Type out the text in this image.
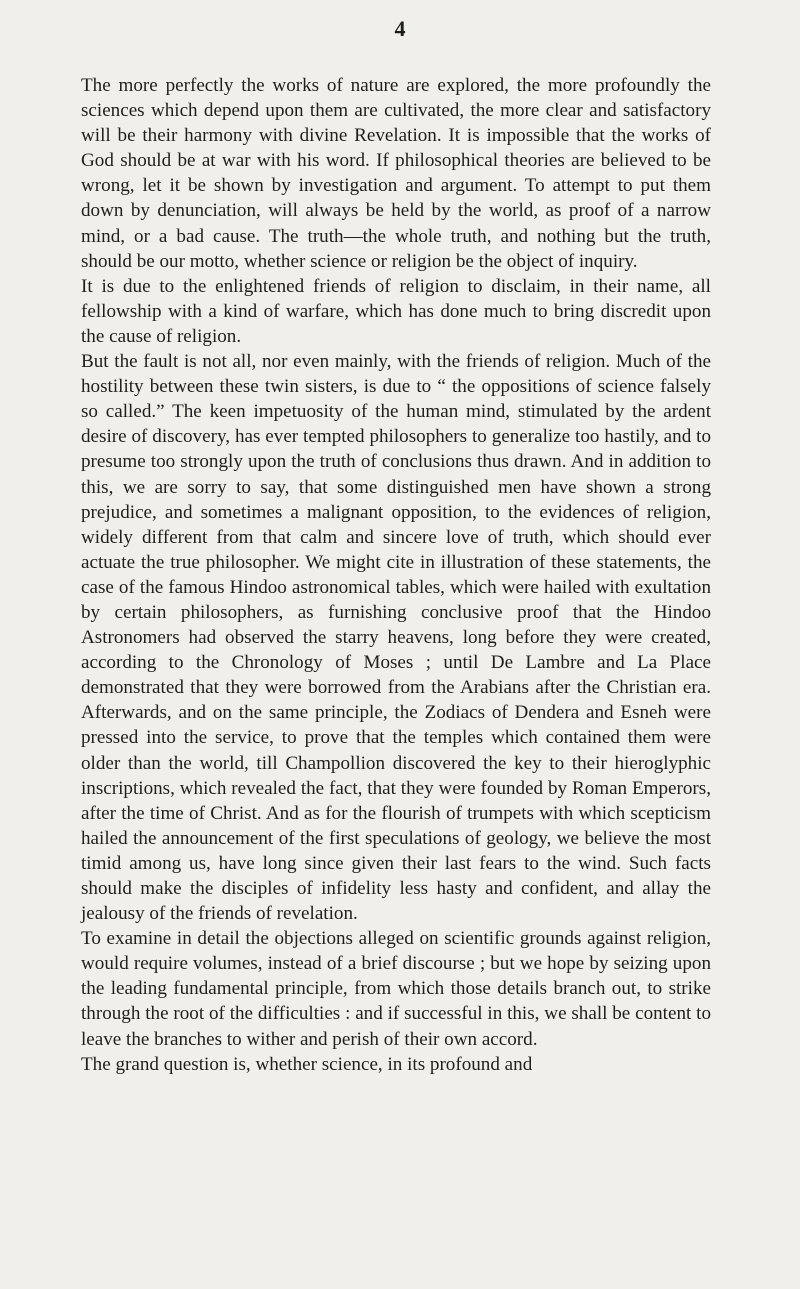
4

The more perfectly the works of nature are explored, the more profoundly the sciences which depend upon them are cultivated, the more clear and satisfactory will be their harmony with divine Revelation. It is impossible that the works of God should be at war with his word. If philosophical theories are believed to be wrong, let it be shown by investigation and argument. To attempt to put them down by denunciation, will always be held by the world, as proof of a narrow mind, or a bad cause. The truth—the whole truth, and nothing but the truth, should be our motto, whether science or religion be the object of inquiry.

It is due to the enlightened friends of religion to disclaim, in their name, all fellowship with a kind of warfare, which has done much to bring discredit upon the cause of religion.

But the fault is not all, nor even mainly, with the friends of religion. Much of the hostility between these twin sisters, is due to “ the oppositions of science falsely so called.” The keen impetuosity of the human mind, stimulated by the ardent desire of discovery, has ever tempted philosophers to generalize too hastily, and to presume too strongly upon the truth of conclusions thus drawn. And in addition to this, we are sorry to say, that some distinguished men have shown a strong prejudice, and sometimes a malignant opposition, to the evidences of religion, widely different from that calm and sincere love of truth, which should ever actuate the true philosopher. We might cite in illustration of these statements, the case of the famous Hindoo astronomical tables, which were hailed with exultation by certain philosophers, as furnishing conclusive proof that the Hindoo Astronomers had observed the starry heavens, long before they were created, according to the Chronology of Moses ; until De Lambre and La Place demonstrated that they were borrowed from the Arabians after the Christian era. Afterwards, and on the same principle, the Zodiacs of Dendera and Esneh were pressed into the service, to prove that the temples which contained them were older than the world, till Champollion discovered the key to their hieroglyphic inscriptions, which revealed the fact, that they were founded by Roman Emperors, after the time of Christ. And as for the flourish of trumpets with which scepticism hailed the announcement of the first speculations of geology, we believe the most timid among us, have long since given their last fears to the wind. Such facts should make the disciples of infidelity less hasty and confident, and allay the jealousy of the friends of revelation.

To examine in detail the objections alleged on scientific grounds against religion, would require volumes, instead of a brief discourse ; but we hope by seizing upon the leading fundamental principle, from which those details branch out, to strike through the root of the difficulties : and if successful in this, we shall be content to leave the branches to wither and perish of their own accord.

The grand question is, whether science, in its profound and
